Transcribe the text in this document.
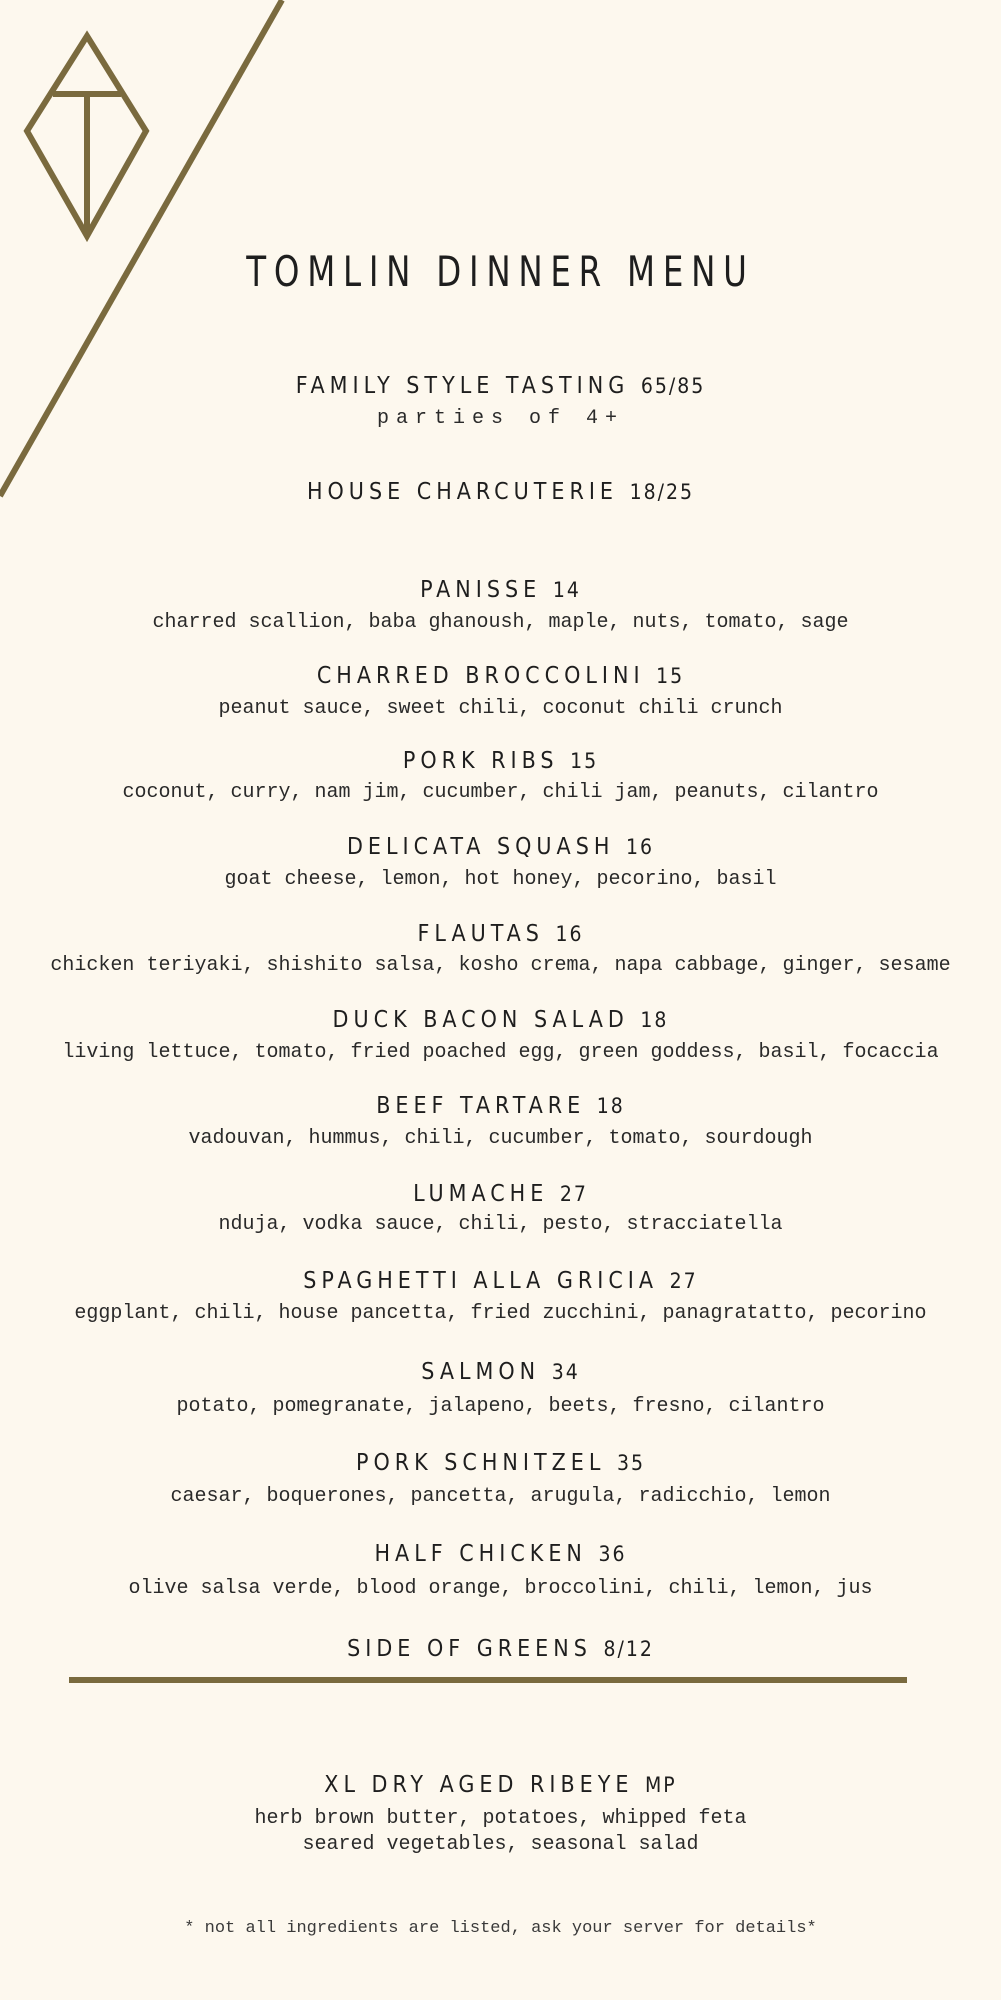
TOMLIN DINNER MENU
FAMILY STYLE TASTING 65/85
parties of 4+
HOUSE CHARCUTERIE 18/25
PANISSE 14
charred scallion, baba ghanoush, maple, nuts, tomato, sage
CHARRED BROCCOLINI 15
peanut sauce, sweet chili, coconut chili crunch
PORK RIBS 15
coconut, curry, nam jim, cucumber, chili jam, peanuts, cilantro
DELICATA SQUASH 16
goat cheese, lemon, hot honey, pecorino, basil
FLAUTAS 16
chicken teriyaki, shishito salsa, kosho crema, napa cabbage, ginger, sesame
DUCK BACON SALAD 18
living lettuce, tomato, fried poached egg, green goddess, basil, focaccia
BEEF TARTARE 18
vadouvan, hummus, chili, cucumber, tomato, sourdough
LUMACHE 27
nduja, vodka sauce, chili, pesto, stracciatella
SPAGHETTI ALLA GRICIA 27
eggplant, chili, house pancetta, fried zucchini, panagratatto, pecorino
SALMON 34
potato, pomegranate, jalapeno, beets, fresno, cilantro
PORK SCHNITZEL 35
caesar, boquerones, pancetta, arugula, radicchio, lemon
HALF CHICKEN 36
olive salsa verde, blood orange, broccolini, chili, lemon, jus
SIDE OF GREENS 8/12
XL DRY AGED RIBEYE MP
herb brown butter, potatoes, whipped feta
seared vegetables, seasonal salad
* not all ingredients are listed, ask your server for details*
